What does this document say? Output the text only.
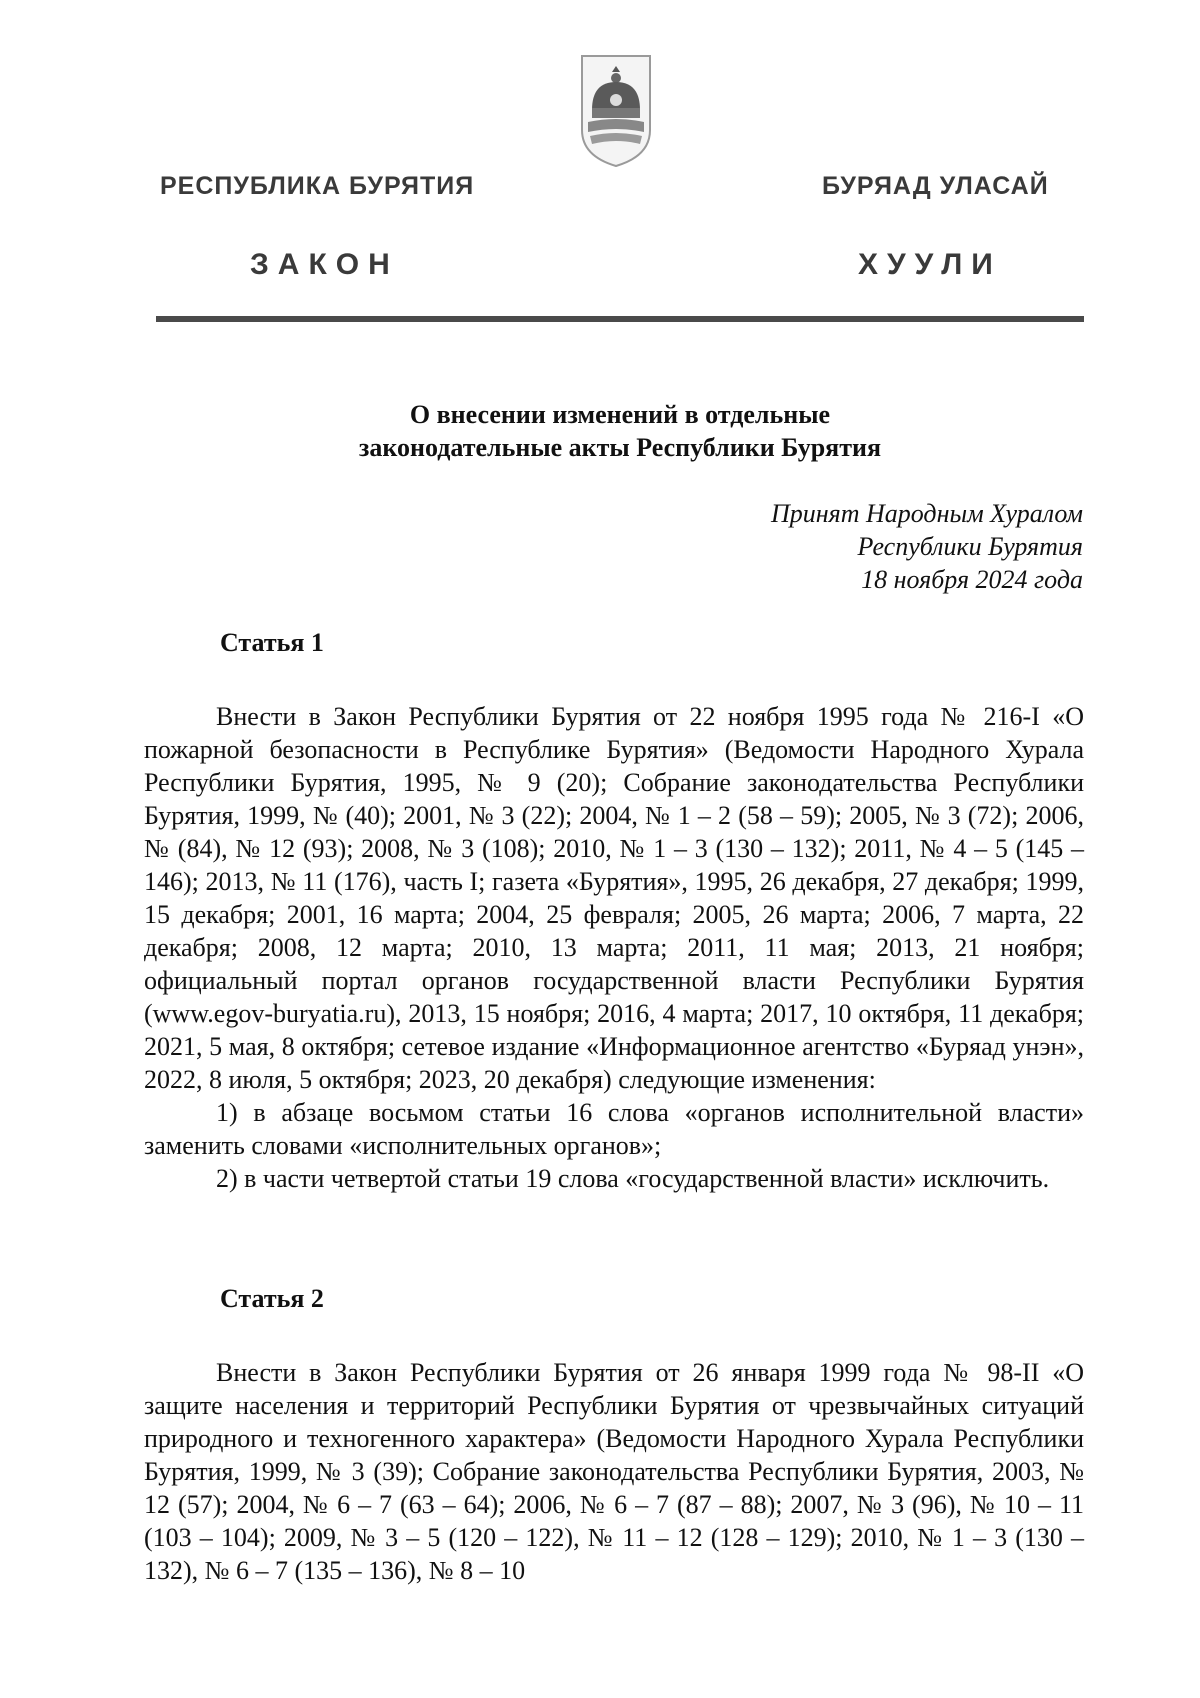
РЕСПУБЛИКА БУРЯТИЯ	БУРЯАД УЛАСАЙ
ЗАКОН	ХУУЛИ
О внесении изменений в отдельные
законодательные акты Республики Бурятия
Принят Народным Хуралом
Республики Бурятия
18 ноября 2024 года
Статья 1

Внести в Закон Республики Бурятия от 22 ноября 1995 года № 216-I «О пожарной безопасности в Республике Бурятия» (Ведомости Народного Хурала Республики Бурятия, 1995, № 9 (20); Собрание законодательства Республики Бурятия, 1999, № (40); 2001, № 3 (22); 2004, № 1 – 2 (58 – 59); 2005, № 3 (72); 2006, № (84), № 12 (93); 2008, № 3 (108); 2010, № 1 – 3 (130 – 132); 2011, № 4 – 5 (145 – 146); 2013, № 11 (176), часть I; газета «Бурятия», 1995, 26 декабря, 27 декабря; 1999, 15 декабря; 2001, 16 марта; 2004, 25 февраля; 2005, 26 марта; 2006, 7 марта, 22 декабря; 2008, 12 марта; 2010, 13 марта; 2011, 11 мая; 2013, 21 ноября; официальный портал органов государственной власти Республики Бурятия (www.egov-buryatia.ru), 2013, 15 ноября; 2016, 4 марта; 2017, 10 октября, 11 декабря; 2021, 5 мая, 8 октября; сетевое издание «Информационное агентство «Буряад унэн», 2022, 8 июля, 5 октября; 2023, 20 декабря) следующие изменения:

1) в абзаце восьмом статьи 16 слова «органов исполнительной власти» заменить словами «исполнительных органов»;

2) в части четвертой статьи 19 слова «государственной власти» исключить.

Статья 2

Внести в Закон Республики Бурятия от 26 января 1999 года № 98-II «О защите населения и территорий Республики Бурятия от чрезвычайных ситуаций природного и техногенного характера» (Ведомости Народного Хурала Республики Бурятия, 1999, № 3 (39); Собрание законодательства Республики Бурятия, 2003, № 12 (57); 2004, № 6 – 7 (63 – 64); 2006, № 6 – 7 (87 – 88); 2007, № 3 (96), № 10 – 11 (103 – 104); 2009, № 3 – 5 (120 – 122), № 11 – 12 (128 – 129); 2010, № 1 – 3 (130 – 132), № 6 – 7 (135 – 136), № 8 – 10
